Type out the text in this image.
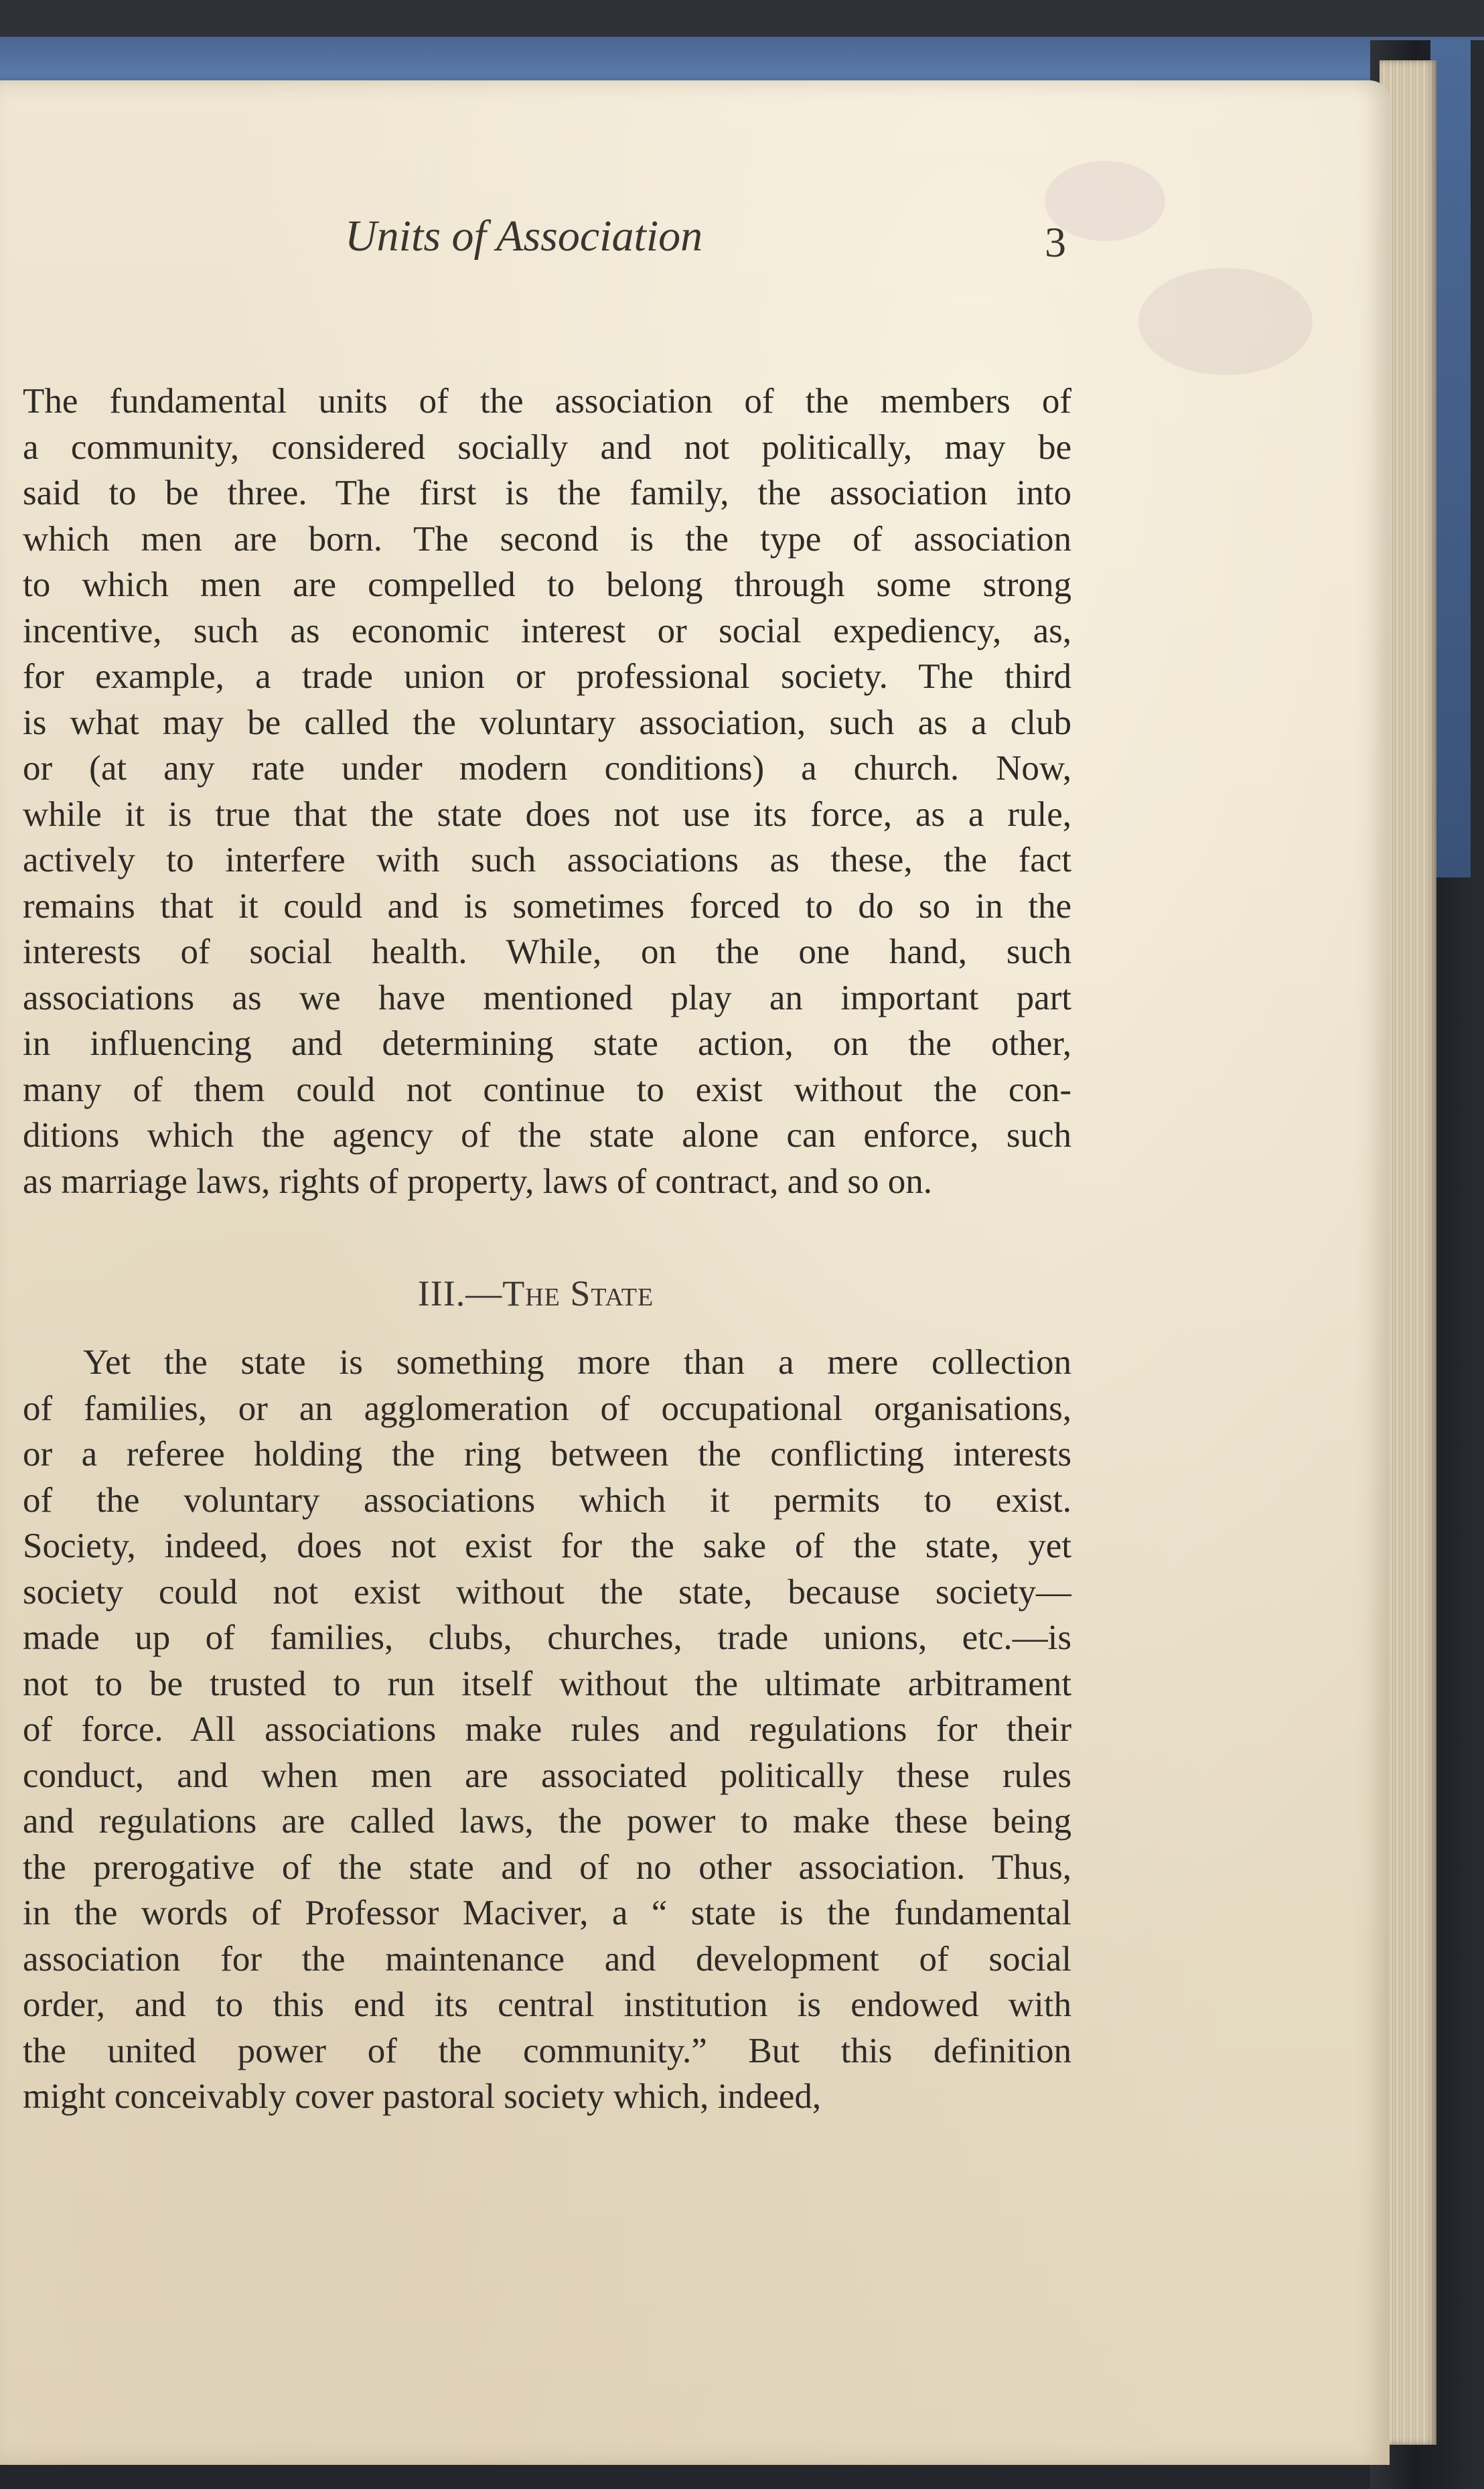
Units of Association	3
The fundamental units of the association of the members of
a community, considered socially and not politically, may be
said to be three. The first is the family, the association into
which men are born. The second is the type of association
to which men are compelled to belong through some strong
incentive, such as economic interest or social expediency, as,
for example, a trade union or professional society. The third
is what may be called the voluntary association, such as a club
or (at any rate under modern conditions) a church. Now,
while it is true that the state does not use its force, as a rule,
actively to interfere with such associations as these, the fact
remains that it could and is sometimes forced to do so in the
interests of social health. While, on the one hand, such
associations as we have mentioned play an important part
in influencing and determining state action, on the other,
many of them could not continue to exist without the con-
ditions which the agency of the state alone can enforce, such
as marriage laws, rights of property, laws of contract, and so on.
III.—The State
Yet the state is something more than a mere collection
of families, or an agglomeration of occupational organisations,
or a referee holding the ring between the conflicting interests
of the voluntary associations which it permits to exist.
Society, indeed, does not exist for the sake of the state, yet
society could not exist without the state, because society—
made up of families, clubs, churches, trade unions, etc.—is
not to be trusted to run itself without the ultimate arbitrament
of force. All associations make rules and regulations for their
conduct, and when men are associated politically these rules
and regulations are called laws, the power to make these being
the prerogative of the state and of no other association. Thus,
in the words of Professor Maciver, a “ state is the fundamental
association for the maintenance and development of social
order, and to this end its central institution is endowed with
the united power of the community.” But this definition
might conceivably cover pastoral society which, indeed,
